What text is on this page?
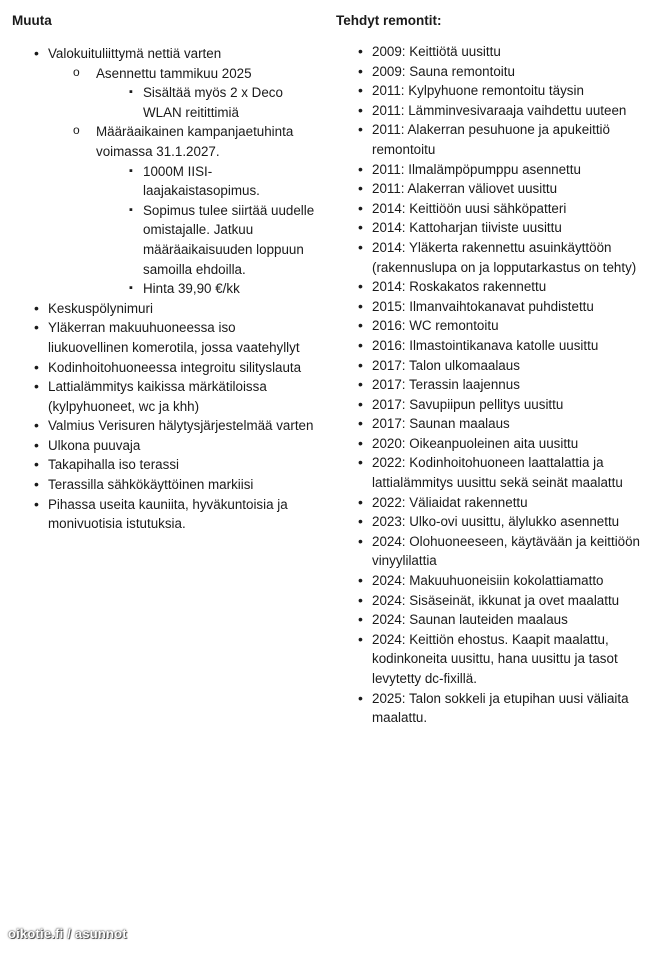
Muuta
• Valokuituliittymä nettiä varten
o Asennettu tammikuu 2025
▪ Sisältää myös 2 x Deco WLAN reitittimiä
o Määräaikainen kampanjaetuhinta voimassa 31.1.2027.
▪ 1000M IISI-laajakaistasopimus.
▪ Sopimus tulee siirtää uudelle omistajalle. Jatkuu määräaikaisuuden loppuun samoilla ehdoilla.
▪ Hinta 39,90 €/kk
• Keskuspölynimuri
• Yläkerran makuuhuoneessa iso liukuovellinen komerotila, jossa vaatehyllyt
• Kodinhoitohuoneessa integroitu silityslauta
• Lattialämmitys kaikissa märkätiloissa (kylpyhuoneet, wc ja khh)
• Valmius Verisuren hälytysjärjestelmää varten
• Ulkona puuvaja
• Takapihalla iso terassi
• Terassilla sähkökäyttöinen markiisi
• Pihassa useita kauniita, hyväkuntoisia ja monivuotisia istutuksia.
Tehdyt remontit:
• 2009: Keittiötä uusittu
• 2009: Sauna remontoitu
• 2011: Kylpyhuone remontoitu täysin
• 2011: Lämminvesivaraaja vaihdettu uuteen
• 2011: Alakerran pesuhuone ja apukeittiö remontoitu
• 2011: Ilmalämpöpumppu asennettu
• 2011: Alakerran väliovet uusittu
• 2014: Keittiöön uusi sähköpatteri
• 2014: Kattoharjan tiiviste uusittu
• 2014: Yläkerta rakennettu asuinkäyttöön (rakennuslupa on ja lopputarkastus on tehty)
• 2014: Roskakatos rakennettu
• 2015: Ilmanvaihtokanavat puhdistettu
• 2016: WC remontoitu
• 2016: Ilmastointikanava katolle uusittu
• 2017: Talon ulkomaalaus
• 2017: Terassin laajennus
• 2017: Savupiipun pellitys uusittu
• 2017: Saunan maalaus
• 2020: Oikeanpuoleinen aita uusittu
• 2022: Kodinhoitohuoneen laattalattia ja lattialämmitys uusittu sekä seinät maalattu
• 2022: Väliaidat rakennettu
• 2023: Ulko-ovi uusittu, älylukko asennettu
• 2024: Olohuoneeseen, käytävään ja keittiöön vinyylilattia
• 2024: Makuuhuoneisiin kokolattiamatto
• 2024: Sisäseinät, ikkunat ja ovet maalattu
• 2024: Saunan lauteiden maalaus
• 2024: Keittiön ehostus. Kaapit maalattu, kodinkoneita uusittu, hana uusittu ja tasot levytetty dc-fixillä.
• 2025: Talon sokkeli ja etupihan uusi väliaita maalattu.
oikotie.fi / asunnot
